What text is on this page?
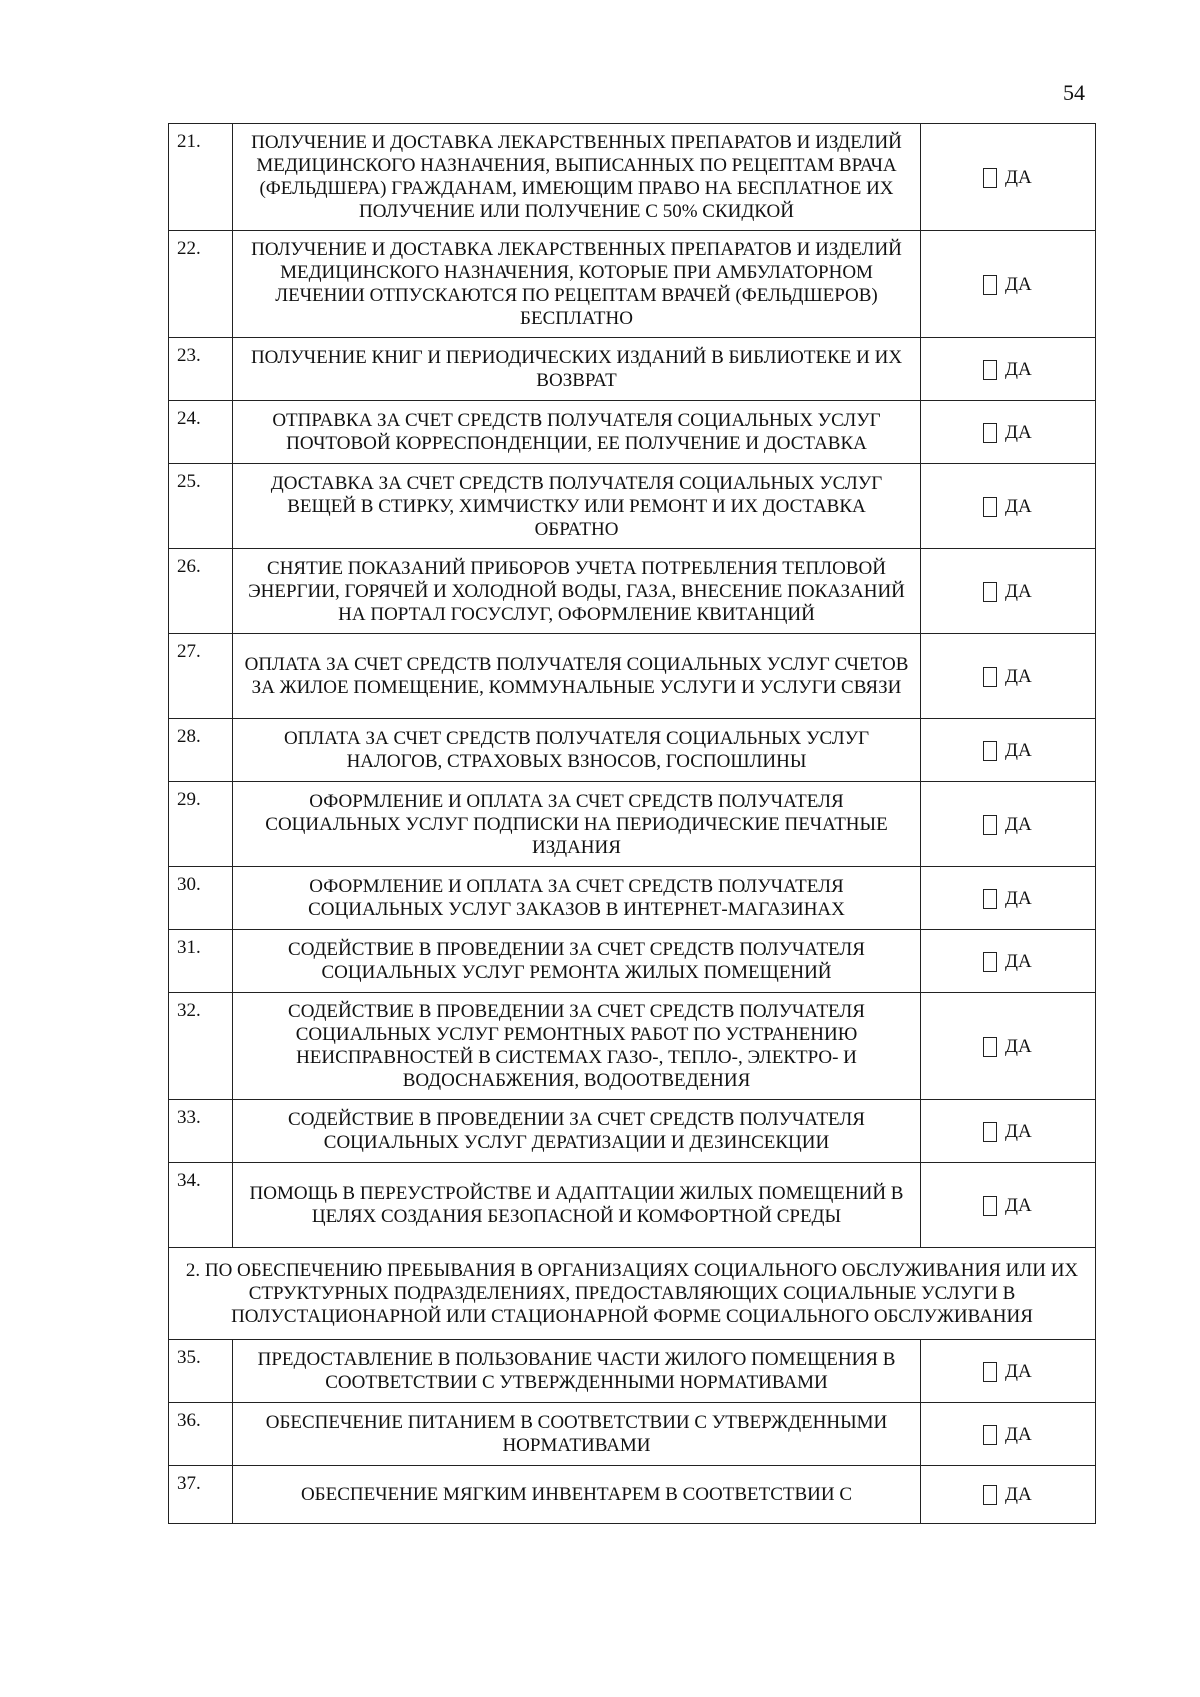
54
21.	ПОЛУЧЕНИЕ И ДОСТАВКА ЛЕКАРСТВЕННЫХ ПРЕПАРАТОВ И ИЗДЕЛИЙ МЕДИЦИНСКОГО НАЗНАЧЕНИЯ, ВЫПИСАННЫХ ПО РЕЦЕПТАМ ВРАЧА (ФЕЛЬДШЕРА) ГРАЖДАНАМ, ИМЕЮЩИМ ПРАВО НА БЕСПЛАТНОЕ ИХ ПОЛУЧЕНИЕ ИЛИ ПОЛУЧЕНИЕ С 50% СКИДКОЙ	ДА
22.	ПОЛУЧЕНИЕ И ДОСТАВКА ЛЕКАРСТВЕННЫХ ПРЕПАРАТОВ И ИЗДЕЛИЙ МЕДИЦИНСКОГО НАЗНАЧЕНИЯ, КОТОРЫЕ ПРИ АМБУЛАТОРНОМ ЛЕЧЕНИИ ОТПУСКАЮТСЯ ПО РЕЦЕПТАМ ВРАЧЕЙ (ФЕЛЬДШЕРОВ) БЕСПЛАТНО	ДА
23.	ПОЛУЧЕНИЕ КНИГ И ПЕРИОДИЧЕСКИХ ИЗДАНИЙ В БИБЛИОТЕКЕ И ИХ ВОЗВРАТ	ДА
24.	ОТПРАВКА ЗА СЧЕТ СРЕДСТВ ПОЛУЧАТЕЛЯ СОЦИАЛЬНЫХ УСЛУГ ПОЧТОВОЙ КОРРЕСПОНДЕНЦИИ, ЕЕ ПОЛУЧЕНИЕ И ДОСТАВКА	ДА
25.	ДОСТАВКА ЗА СЧЕТ СРЕДСТВ ПОЛУЧАТЕЛЯ СОЦИАЛЬНЫХ УСЛУГ ВЕЩЕЙ В СТИРКУ, ХИМЧИСТКУ ИЛИ РЕМОНТ И ИХ ДОСТАВКА ОБРАТНО	ДА
26.	СНЯТИЕ ПОКАЗАНИЙ ПРИБОРОВ УЧЕТА ПОТРЕБЛЕНИЯ ТЕПЛОВОЙ ЭНЕРГИИ, ГОРЯЧЕЙ И ХОЛОДНОЙ ВОДЫ, ГАЗА, ВНЕСЕНИЕ ПОКАЗАНИЙ НА ПОРТАЛ ГОСУСЛУГ, ОФОРМЛЕНИЕ КВИТАНЦИЙ	ДА
27.	ОПЛАТА ЗА СЧЕТ СРЕДСТВ ПОЛУЧАТЕЛЯ СОЦИАЛЬНЫХ УСЛУГ СЧЕТОВ ЗА ЖИЛОЕ ПОМЕЩЕНИЕ, КОММУНАЛЬНЫЕ УСЛУГИ И УСЛУГИ СВЯЗИ	ДА
28.	ОПЛАТА ЗА СЧЕТ СРЕДСТВ ПОЛУЧАТЕЛЯ СОЦИАЛЬНЫХ УСЛУГ НАЛОГОВ, СТРАХОВЫХ ВЗНОСОВ, ГОСПОШЛИНЫ	ДА
29.	ОФОРМЛЕНИЕ И ОПЛАТА ЗА СЧЕТ СРЕДСТВ ПОЛУЧАТЕЛЯ СОЦИАЛЬНЫХ УСЛУГ ПОДПИСКИ НА ПЕРИОДИЧЕСКИЕ ПЕЧАТНЫЕ ИЗДАНИЯ	ДА
30.	ОФОРМЛЕНИЕ И ОПЛАТА ЗА СЧЕТ СРЕДСТВ ПОЛУЧАТЕЛЯ СОЦИАЛЬНЫХ УСЛУГ ЗАКАЗОВ В ИНТЕРНЕТ-МАГАЗИНАХ	ДА
31.	СОДЕЙСТВИЕ В ПРОВЕДЕНИИ ЗА СЧЕТ СРЕДСТВ ПОЛУЧАТЕЛЯ СОЦИАЛЬНЫХ УСЛУГ РЕМОНТА ЖИЛЫХ ПОМЕЩЕНИЙ	ДА
32.	СОДЕЙСТВИЕ В ПРОВЕДЕНИИ ЗА СЧЕТ СРЕДСТВ ПОЛУЧАТЕЛЯ СОЦИАЛЬНЫХ УСЛУГ РЕМОНТНЫХ РАБОТ ПО УСТРАНЕНИЮ НЕИСПРАВНОСТЕЙ В СИСТЕМАХ ГАЗО-, ТЕПЛО-, ЭЛЕКТРО- И ВОДОСНАБЖЕНИЯ, ВОДООТВЕДЕНИЯ	ДА
33.	СОДЕЙСТВИЕ В ПРОВЕДЕНИИ ЗА СЧЕТ СРЕДСТВ ПОЛУЧАТЕЛЯ СОЦИАЛЬНЫХ УСЛУГ ДЕРАТИЗАЦИИ И ДЕЗИНСЕКЦИИ	ДА
34.	ПОМОЩЬ В ПЕРЕУСТРОЙСТВЕ И АДАПТАЦИИ ЖИЛЫХ ПОМЕЩЕНИЙ В ЦЕЛЯХ СОЗДАНИЯ БЕЗОПАСНОЙ И КОМФОРТНОЙ СРЕДЫ	ДА
2. ПО ОБЕСПЕЧЕНИЮ ПРЕБЫВАНИЯ В ОРГАНИЗАЦИЯХ СОЦИАЛЬНОГО ОБСЛУЖИВАНИЯ ИЛИ ИХ СТРУКТУРНЫХ ПОДРАЗДЕЛЕНИЯХ, ПРЕДОСТАВЛЯЮЩИХ СОЦИАЛЬНЫЕ УСЛУГИ В ПОЛУСТАЦИОНАРНОЙ ИЛИ СТАЦИОНАРНОЙ ФОРМЕ СОЦИАЛЬНОГО ОБСЛУЖИВАНИЯ		
35.	ПРЕДОСТАВЛЕНИЕ В ПОЛЬЗОВАНИЕ ЧАСТИ ЖИЛОГО ПОМЕЩЕНИЯ В СООТВЕТСТВИИ С УТВЕРЖДЕННЫМИ НОРМАТИВАМИ	ДА
36.	ОБЕСПЕЧЕНИЕ ПИТАНИЕМ В СООТВЕТСТВИИ С УТВЕРЖДЕННЫМИ НОРМАТИВАМИ	ДА
37.	ОБЕСПЕЧЕНИЕ МЯГКИМ ИНВЕНТАРЕМ В СООТВЕТСТВИИ С	ДА
